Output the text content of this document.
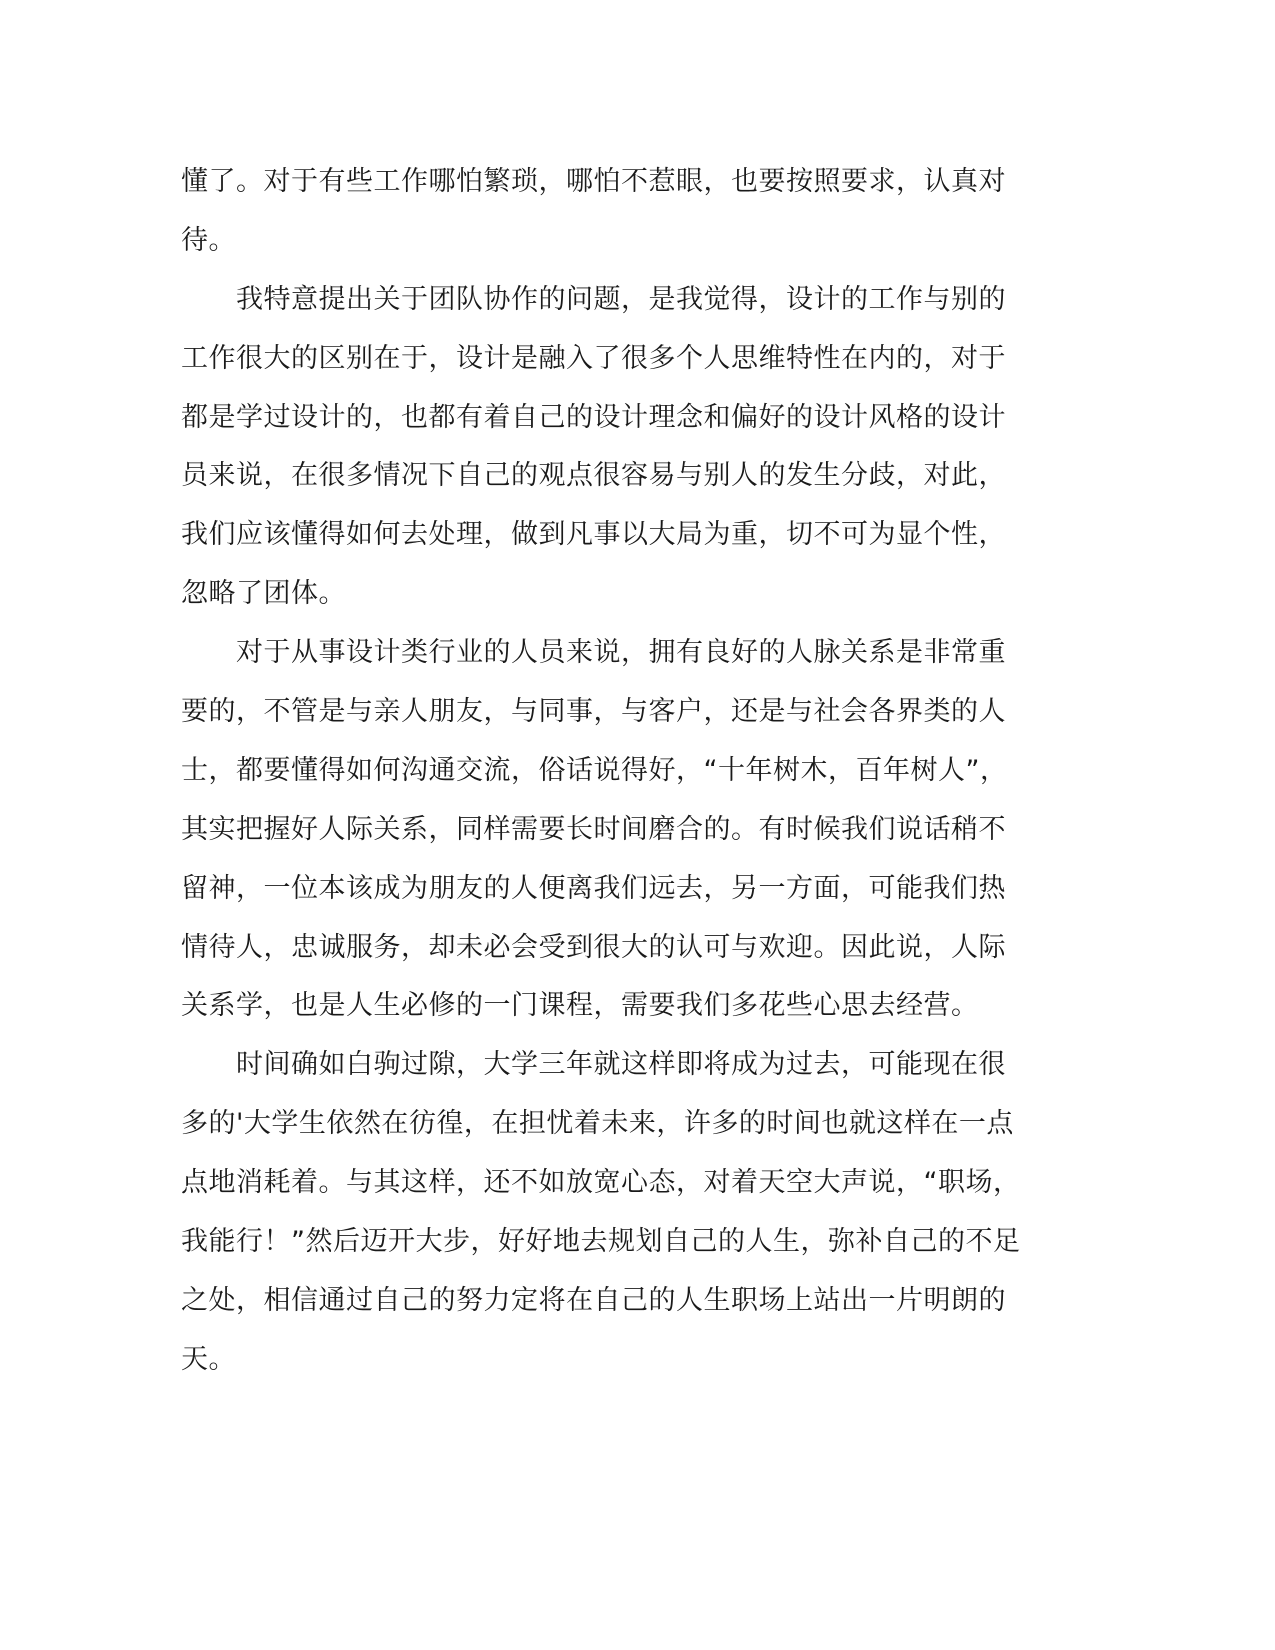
懂了。对于有些工作哪怕繁琐，哪怕不惹眼，也要按照要求，认真对
待。
　　我特意提出关于团队协作的问题，是我觉得，设计的工作与别的
工作很大的区别在于，设计是融入了很多个人思维特性在内的，对于
都是学过设计的，也都有着自己的设计理念和偏好的设计风格的设计
员来说，在很多情况下自己的观点很容易与别人的发生分歧，对此，
我们应该懂得如何去处理，做到凡事以大局为重，切不可为显个性，
忽略了团体。
　　对于从事设计类行业的人员来说，拥有良好的人脉关系是非常重
要的，不管是与亲人朋友，与同事，与客户，还是与社会各界类的人
士，都要懂得如何沟通交流，俗话说得好，“十年树木，百年树人”，
其实把握好人际关系，同样需要长时间磨合的。有时候我们说话稍不
留神，一位本该成为朋友的人便离我们远去，另一方面，可能我们热
情待人，忠诚服务，却未必会受到很大的认可与欢迎。因此说，人际
关系学，也是人生必修的一门课程，需要我们多花些心思去经营。
　　时间确如白驹过隙，大学三年就这样即将成为过去，可能现在很
多的'大学生依然在彷徨，在担忧着未来，许多的时间也就这样在一点
点地消耗着。与其这样，还不如放宽心态，对着天空大声说，“职场，
我能行！”然后迈开大步，好好地去规划自己的人生，弥补自己的不足
之处，相信通过自己的努力定将在自己的人生职场上站出一片明朗的
天。
